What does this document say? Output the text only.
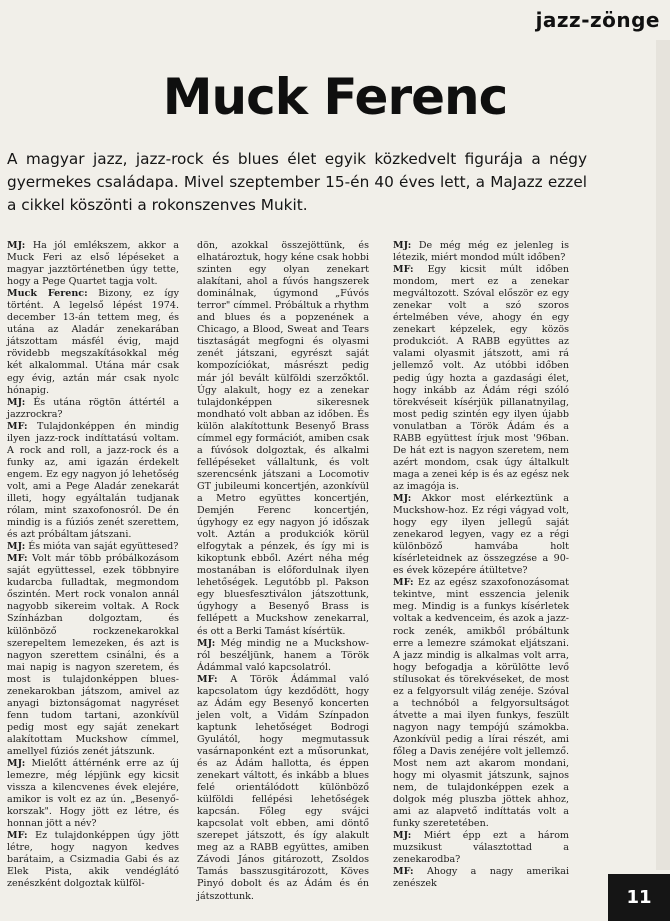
jazz-zönge
Muck Ferenc
A magyar jazz, jazz-rock és blues élet egyik közkedvelt figurája a négy gyermekes családapa. Mivel szeptember 15-én 40 éves lett, a MaJazz ezzel a cikkel köszönti a rokonszenves Mukit.

MJ: Ha jól emlékszem, akkor a Muck Feri az első lépéseket a magyar jazztörténetben úgy tette, hogy a Pege Quartet tagja volt.

Muck Ferenc: Bizony, ez így történt. A legelső lépést 1974. december 13-án tettem meg, és utána az Aladár zenekarában játszottam másfél évig, majd rövidebb megszakításokkal még két alkalommal. Utána már csak egy évig, aztán már csak nyolc hónapig.

MJ: És utána rögtön áttértél a jazzrockra?

MF: Tulajdonképpen én mindig ilyen jazz-rock indíttatású voltam. A rock and roll, a jazz-rock és a funky az, ami igazán érdekelt engem. Ez egy nagyon jó lehetőség volt, ami a Pege Aladár zenekarát illeti, hogy egyáltalán tudjanak rólam, mint szaxofonosról. De én mindig is a fúziós zenét szerettem, és azt próbáltam játszani.

MJ: És mióta van saját együttesed?

MF: Volt már több próbálkozásom saját együttessel, ezek többnyire kudarcba fulladtak, megmondom őszintén. Mert rock vonalon annál nagyobb sikereim voltak. A Rock Színházban dolgoztam, és különböző rockzenekarokkal szerepeltem lemezeken, és azt is nagyon szerettem csinálni, és a mai napig is nagyon szeretem, és most is tulajdonképpen blues-zenekarokban játszom, amivel az anyagi biztonságomat nagyréset fenn tudom tartani, azonkívül pedig most egy saját zenekart alakítottam Muckshow címmel, amellyel fúziós zenét játszunk.

MJ: Mielőtt áttérnénk erre az új lemezre, még lépjünk egy kicsit vissza a kilencvenes évek elejére, amikor is volt ez az ún. „Besenyő-korszak". Hogy jött ez létre, és honnan jött a név?

MF: Ez tulajdonképpen úgy jött létre, hogy nagyon kedves barátaim, a Csizmadia Gabi és az Elek Pista, akik vendéglátó zenészként dolgoztak külföl-

dön, azokkal összejöttünk, és elhatároztuk, hogy kéne csak hobbi szinten egy olyan zenekart alakítani, ahol a fúvós hangszerek dominálnak, úgymond „Fúvós terror" címmel. Próbáltuk a rhythm and blues és a popzenének a Chicago, a Blood, Sweat and Tears tisztaságát megfogni és olyasmi zenét játszani, egyrészt saját kompozíciókat, másrészt pedig már jól bevált külföldi szerzőktől. Úgy alakult, hogy ez a zenekar tulajdonképpen sikeresnek mondható volt abban az időben. És külön alakítottunk Besenyő Brass címmel egy formációt, amiben csak a fúvósok dolgoztak, és alkalmi fellépéseket vállaltunk, és volt szerencsénk játszani a Locomotiv GT jubileumi koncertjén, azonkívül a Metro együttes koncertjén, Demjén Ferenc koncertjén, úgyhogy ez egy nagyon jó időszak volt. Aztán a produkciók körül elfogytak a pénzek, és így mi is kikoptunk ebből. Azért néha még mostanában is előfordulnak ilyen lehetőségek. Legutóbb pl. Pakson egy bluesfesztiválon játszottunk, úgyhogy a Besenyő Brass is fellépett a Muckshow zenekarral, és ott a Berki Tamást kísértük.

MJ: Még mindig ne a Muckshow-ról beszéljünk, hanem a Török Ádámmal való kapcsolatról.

MF: A Török Ádámmal való kapcsolatom úgy kezdődött, hogy az Ádám egy Besenyő koncerten jelen volt, a Vidám Színpadon kaptunk lehetőséget Bodrogi Gyulától, hogy megmutassuk vasárnaponként ezt a műsorunkat, és az Ádám hallotta, és éppen zenekart váltott, és inkább a blues felé orientálódott különböző külföldi fellépési lehetőségek kapcsán. Főleg egy svájci kapcsolat volt ebben, ami döntő szerepet játszott, és így alakult meg az a RABB együttes, amiben Závodi János gitározott, Zsoldos Tamás basszusgitározott, Köves Pinyó dobolt és az Ádám és én játszottunk.

MJ: De még még ez jelenleg is létezik, miért mondod múlt időben?

MF: Egy kicsit múlt időben mondom, mert ez a zenekar megváltozott. Szóval először ez egy zenekar volt a szó szoros értelmében véve, ahogy én egy zenekart képzelek, egy közös produkciót. A RABB együttes az valami olyasmit játszott, ami rá jellemző volt. Az utóbbi időben pedig úgy hozta a gazdasági élet, hogy inkább az Ádám régi szóló törekvéseit kísérjük pillanatnyilag, most pedig szintén egy ilyen újabb vonulatban a Török Ádám és a RABB együttest írjuk most '96ban. De hát ezt is nagyon szeretem, nem azért mondom, csak úgy általkult maga a zenei kép is és az egész nek az imagója is.

MJ: Akkor most elérkeztünk a Muckshow-hoz. Ez régi vágyad volt, hogy egy ilyen jellegű saját zenekarod legyen, vagy ez a régi különböző hamvába holt kísérleteidnek az összegzése a 90-es évek közepére átültetve?

MF: Ez az egész szaxofonozásomat tekintve, mint esszencia jelenik meg. Mindig is a funkys kísérletek voltak a kedvenceim, és azok a jazz-rock zenék, amikből próbáltunk erre a lemezre számokat eljátszani. A jazz mindig is alkalmas volt arra, hogy befogadja a körülötte levő stílusokat és törekvéseket, de most ez a felgyorsult világ zenéje. Szóval a technóból a felgyorsultságot átvette a mai ilyen funkys, feszült nagyon nagy tempójú számokba. Azonkívül pedig a lírai részét, ami főleg a Davis zenéjére volt jellemző. Most nem azt akarom mondani, hogy mi olyasmit játszunk, sajnos nem, de tulajdonképpen ezek a dolgok még pluszba jöttek ahhoz, ami az alapvető indíttatás volt a funky szeretetében.

MJ: Miért épp ezt a három muzsikust választottad a zenekarodba?

MF: Ahogy a nagy amerikai zenészek

11
